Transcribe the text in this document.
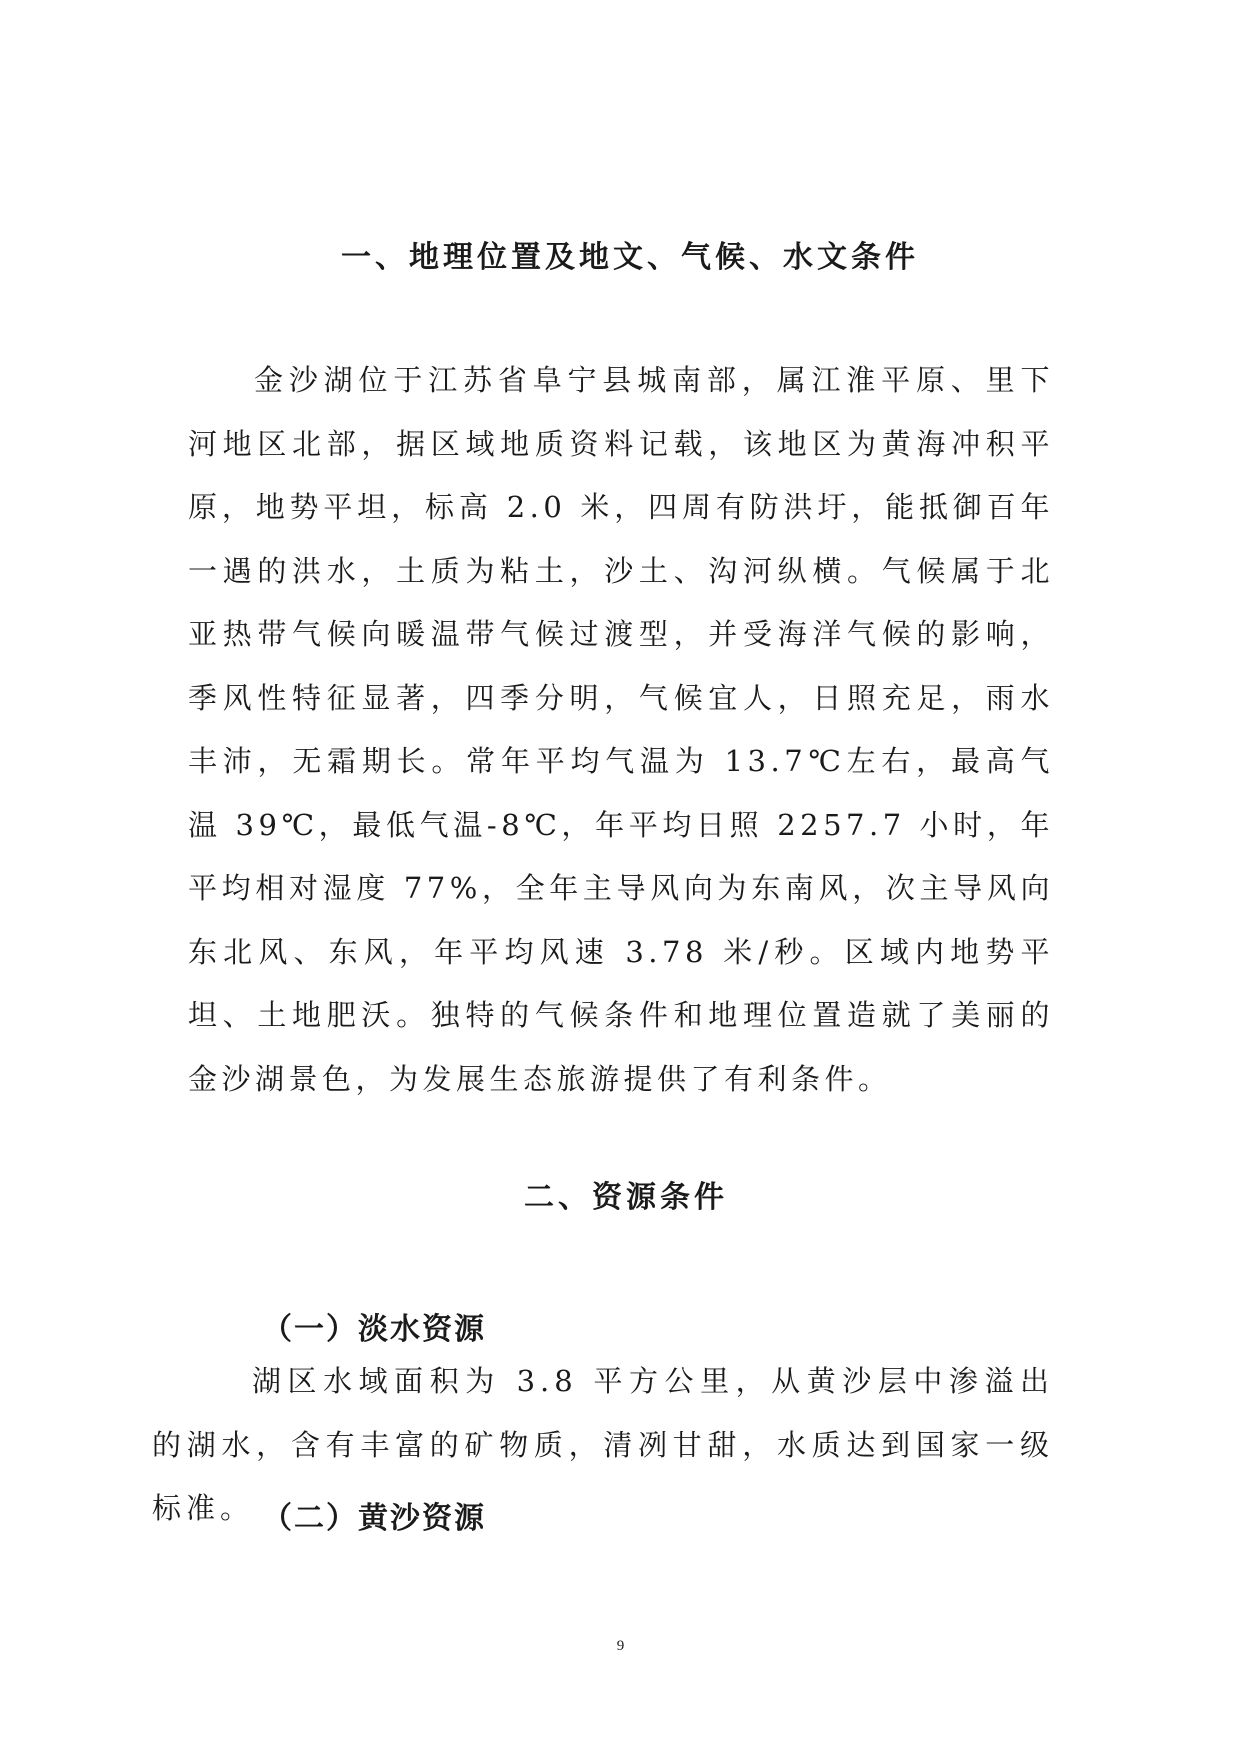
一、地理位置及地文、气候、水文条件

金沙湖位于江苏省阜宁县城南部，属江淮平原、里下河地区北部，据区域地质资料记载，该地区为黄海冲积平原，地势平坦，标高 2.0 米，四周有防洪圩，能抵御百年一遇的洪水，土质为粘土，沙土、沟河纵横。气候属于北亚热带气候向暖温带气候过渡型，并受海洋气候的影响，季风性特征显著，四季分明，气候宜人，日照充足，雨水丰沛，无霜期长。常年平均气温为 13.7℃左右，最高气温 39℃，最低气温-8℃，年平均日照 2257.7 小时，年平均相对湿度 77%，全年主导风向为东南风，次主导风向东北风、东风，年平均风速 3.78 米/秒。区域内地势平坦、土地肥沃。独特的气候条件和地理位置造就了美丽的金沙湖景色，为发展生态旅游提供了有利条件。

二、资源条件
（一）淡水资源

湖区水域面积为 3.8 平方公里，从黄沙层中渗溢出的湖水，含有丰富的矿物质，清冽甘甜，水质达到国家一级标准。 （二）黄沙资源
9
